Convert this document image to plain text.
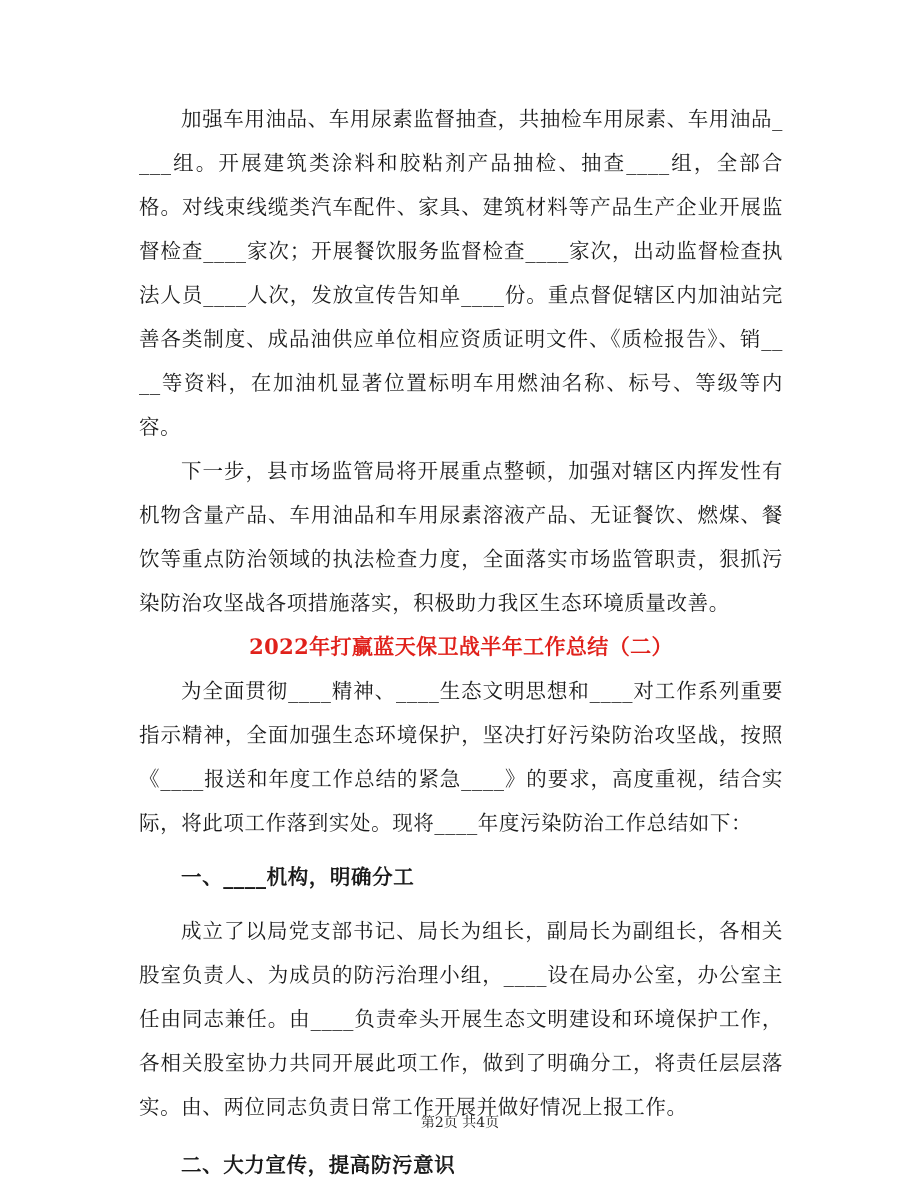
加强车用油品、车用尿素监督抽查，共抽检车用尿素、车用油品____组。开展建筑类涂料和胶粘剂产品抽检、抽查____组，全部合格。对线束线缆类汽车配件、家具、建筑材料等产品生产企业开展监督检查____家次；开展餐饮服务监督检查____家次，出动监督检查执法人员____人次，发放宣传告知单____份。重点督促辖区内加油站完善各类制度、成品油供应单位相应资质证明文件、《质检报告》、销____等资料，在加油机显著位置标明车用燃油名称、标号、等级等内容。

下一步，县市场监管局将开展重点整顿，加强对辖区内挥发性有机物含量产品、车用油品和车用尿素溶液产品、无证餐饮、燃煤、餐饮等重点防治领域的执法检查力度，全面落实市场监管职责，狠抓污染防治攻坚战各项措施落实，积极助力我区生态环境质量改善。

2022年打赢蓝天保卫战半年工作总结（二）

为全面贯彻____精神、____生态文明思想和____对工作系列重要指示精神，全面加强生态环境保护，坚决打好污染防治攻坚战，按照《____报送和年度工作总结的紧急____》的要求，高度重视，结合实际，将此项工作落到实处。现将____年度污染防治工作总结如下：

一、____机构，明确分工

成立了以局党支部书记、局长为组长，副局长为副组长，各相关股室负责人、为成员的防污治理小组，____设在局办公室，办公室主任由同志兼任。由____负责牵头开展生态文明建设和环境保护工作，各相关股室协力共同开展此项工作，做到了明确分工，将责任层层落实。由、两位同志负责日常工作开展并做好情况上报工作。

二、大力宣传，提高防污意识

第2页 共4页
